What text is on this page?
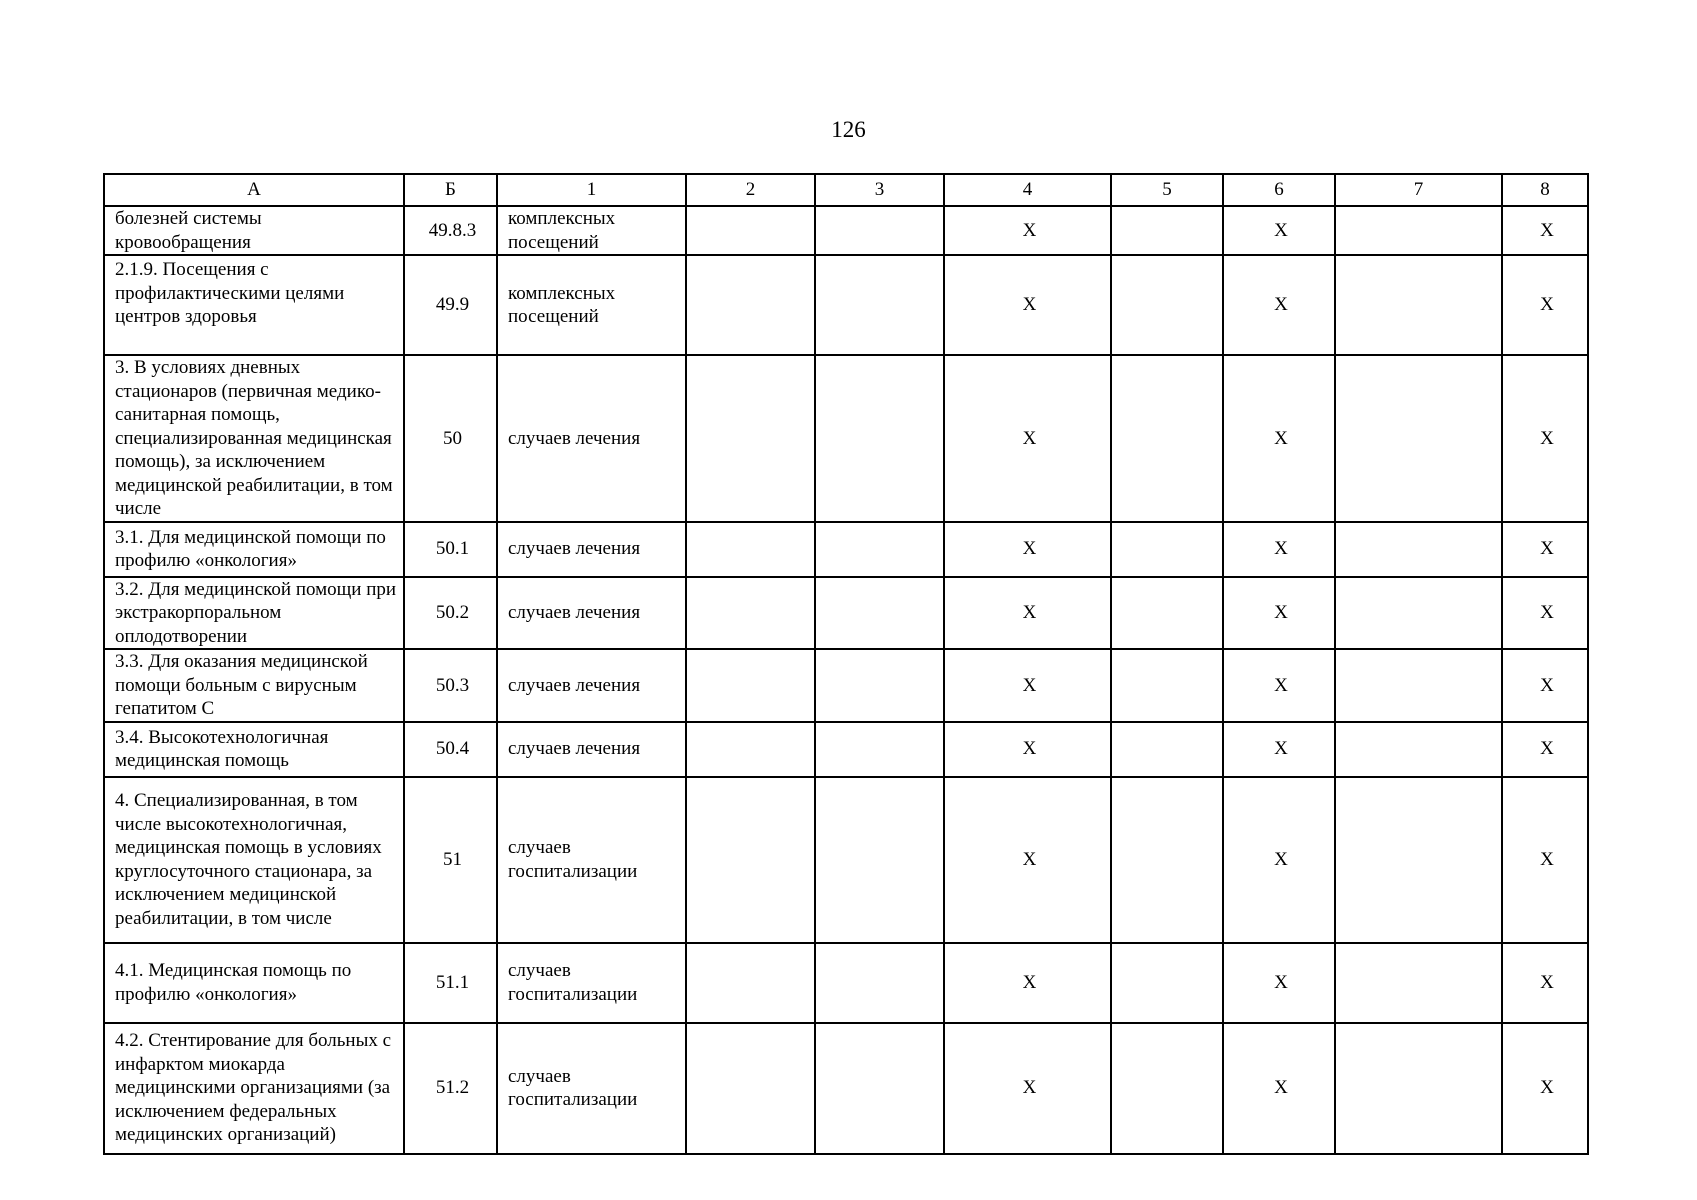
126
А	Б	1	2	3	4	5	6	7	8
болезней системы кровообращения	49.8.3	комплексных посещений			X		X		X
2.1.9. Посещения с профилактическими целями центров здоровья	49.9	комплексных посещений			X		X		X
3. В условиях дневных стационаров (первичная медико-санитарная помощь, специализированная медицинская помощь), за исключением медицинской реабилитации, в том числе	50	случаев лечения			X		X		X
3.1. Для медицинской помощи по профилю «онкология»	50.1	случаев лечения			X		X		X
3.2. Для медицинской помощи при экстракорпоральном оплодотворении	50.2	случаев лечения			X		X		X
3.3. Для оказания медицинской помощи больным с вирусным гепатитом С	50.3	случаев лечения			X		X		X
3.4. Высокотехнологичная медицинская помощь	50.4	случаев лечения			X		X		X
4. Специализированная, в том числе высокотехнологичная, медицинская помощь в условиях круглосуточного стационара, за исключением медицинской реабилитации, в том числе	51	случаев госпитализации			X		X		X
4.1. Медицинская помощь по профилю «онкология»	51.1	случаев госпитализации			X		X		X
4.2. Стентирование для больных с инфарктом миокарда медицинскими организациями (за исключением федеральных медицинских организаций)	51.2	случаев госпитализации			X		X		X
